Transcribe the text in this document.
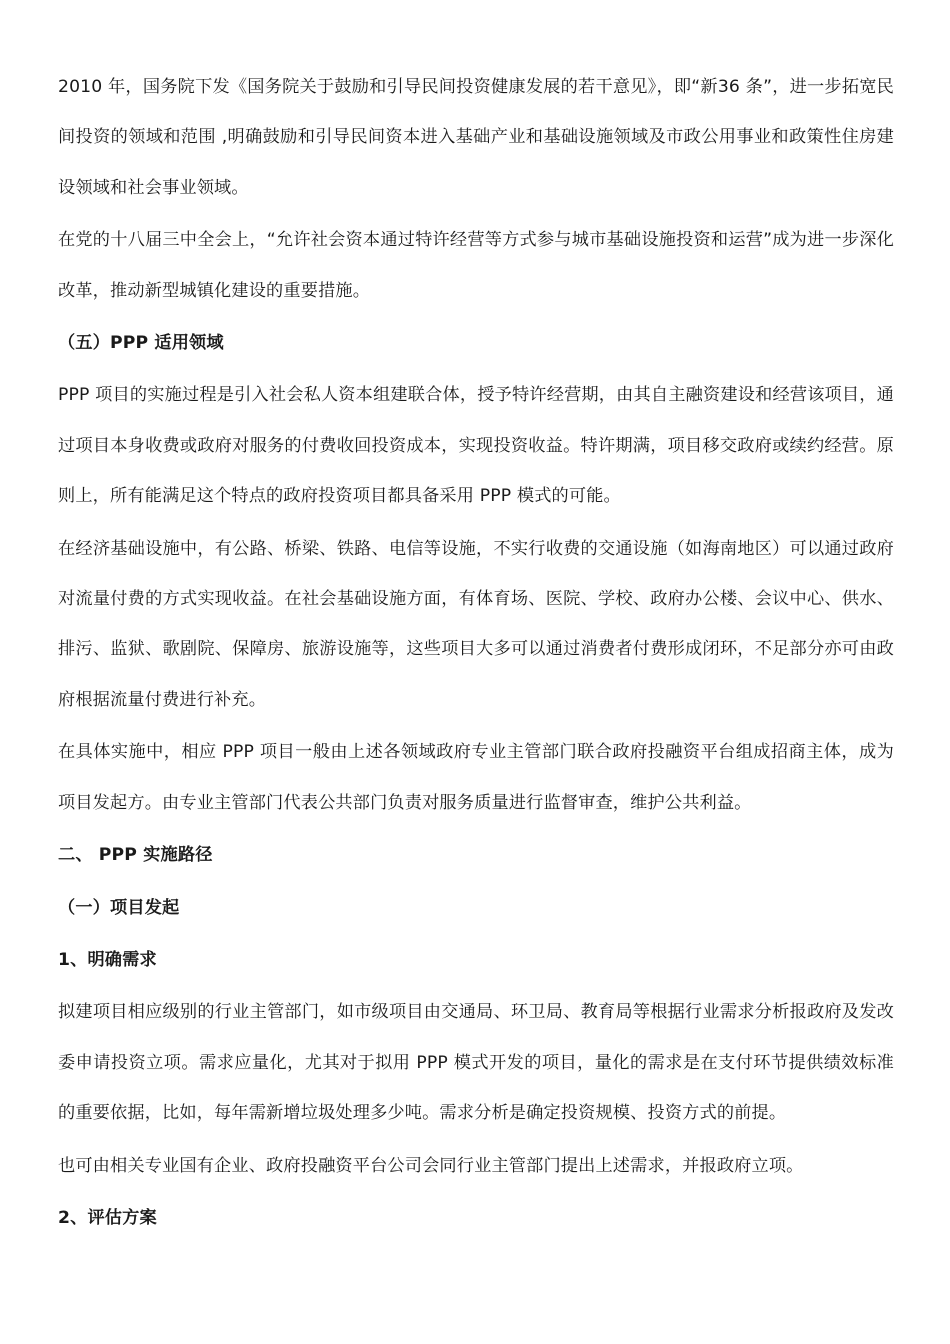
2010 年，国务院下发《国务院关于鼓励和引导民间投资健康发展的若干意见》，即“新36 条”，进一步拓宽民间投资的领域和范围 ,明确鼓励和引导民间资本进入基础产业和基础设施领域及市政公用事业和政策性住房建设领域和社会事业领域。

在党的十八届三中全会上，“允许社会资本通过特许经营等方式参与城市基础设施投资和运营”成为进一步深化改革，推动新型城镇化建设的重要措施。

（五）PPP 适用领域

PPP 项目的实施过程是引入社会私人资本组建联合体，授予特许经营期，由其自主融资建设和经营该项目，通过项目本身收费或政府对服务的付费收回投资成本，实现投资收益。特许期满，项目移交政府或续约经营。原则上，所有能满足这个特点的政府投资项目都具备采用 PPP 模式的可能。

在经济基础设施中，有公路、桥梁、铁路、电信等设施，不实行收费的交通设施（如海南地区）可以通过政府对流量付费的方式实现收益。在社会基础设施方面，有体育场、医院、学校、政府办公楼、会议中心、供水、排污、监狱、歌剧院、保障房、旅游设施等，这些项目大多可以通过消费者付费形成闭环，不足部分亦可由政府根据流量付费进行补充。

在具体实施中，相应 PPP 项目一般由上述各领域政府专业主管部门联合政府投融资平台组成招商主体，成为项目发起方。由专业主管部门代表公共部门负责对服务质量进行监督审查，维护公共利益。

二、 PPP 实施路径
（一）项目发起
1、明确需求

拟建项目相应级别的行业主管部门，如市级项目由交通局、环卫局、教育局等根据行业需求分析报政府及发改委申请投资立项。需求应量化，尤其对于拟用 PPP 模式开发的项目，量化的需求是在支付环节提供绩效标准的重要依据，比如，每年需新增垃圾处理多少吨。需求分析是确定投资规模、投资方式的前提。

也可由相关专业国有企业、政府投融资平台公司会同行业主管部门提出上述需求，并报政府立项。

2、评估方案
